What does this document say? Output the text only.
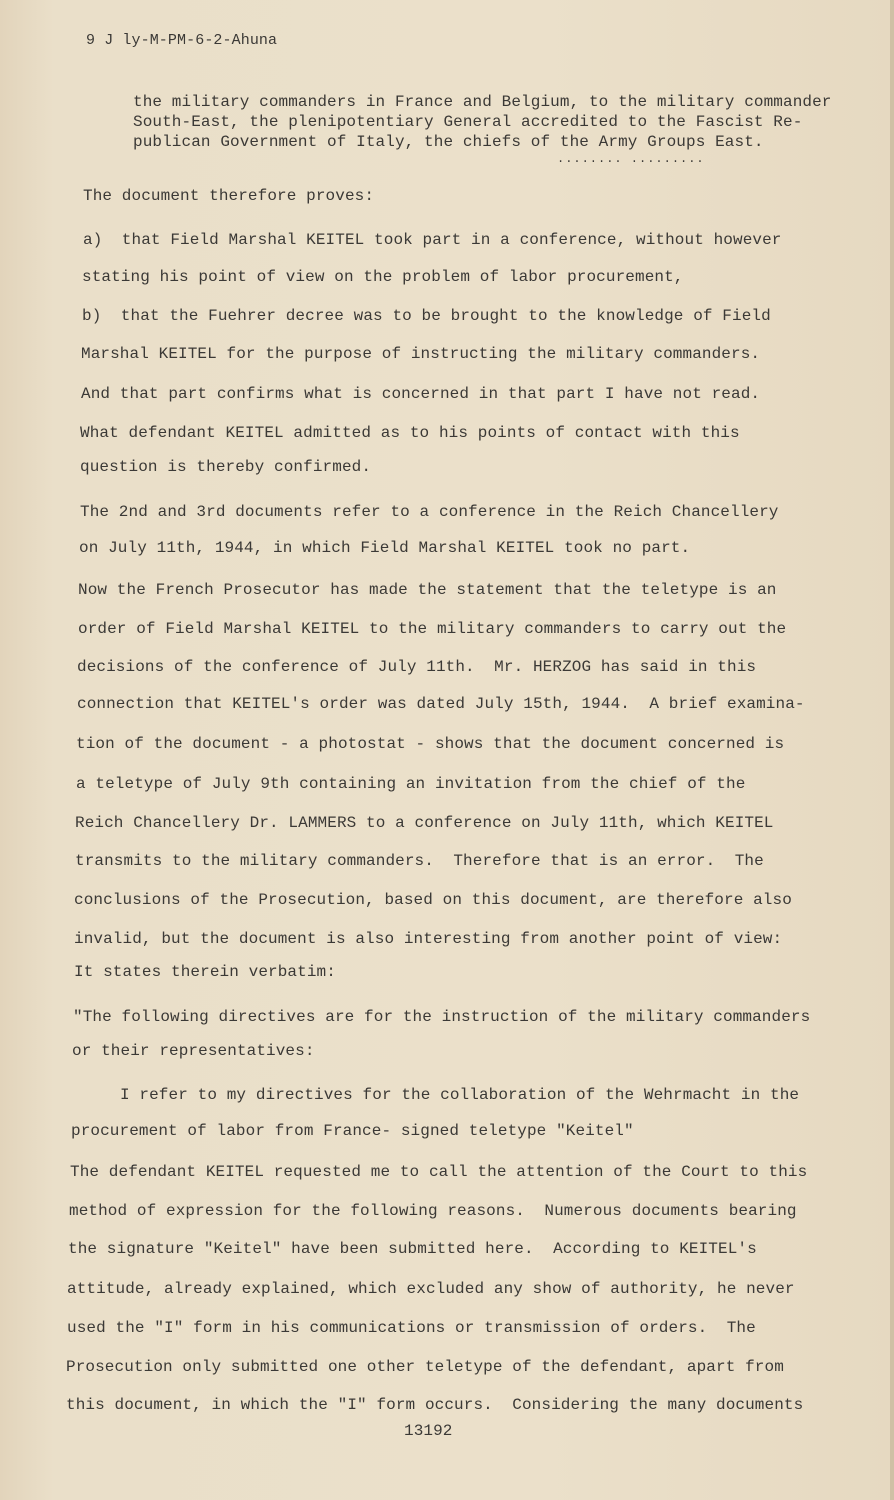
9 J ly-M-PM-6-2-Ahuna
the military commanders in France and Belgium, to the military commander
South-East, the plenipotentiary General accredited to the Fascist Re-
publican Government of Italy, the chiefs of the Army Groups East.
........ .........
The document therefore proves:
a)  that Field Marshal KEITEL took part in a conference, without however
stating his point of view on the problem of labor procurement,
b)  that the Fuehrer decree was to be brought to the knowledge of Field
Marshal KEITEL for the purpose of instructing the military commanders.
And that part confirms what is concerned in that part I have not read.
What defendant KEITEL admitted as to his points of contact with this
question is thereby confirmed.
The 2nd and 3rd documents refer to a conference in the Reich Chancellery
on July 11th, 1944, in which Field Marshal KEITEL took no part.
Now the French Prosecutor has made the statement that the teletype is an
order of Field Marshal KEITEL to the military commanders to carry out the
decisions of the conference of July 11th.  Mr. HERZOG has said in this
connection that KEITEL's order was dated July 15th, 1944.  A brief examina-
tion of the document - a photostat - shows that the document concerned is
a teletype of July 9th containing an invitation from the chief of the
Reich Chancellery Dr. LAMMERS to a conference on July 11th, which KEITEL
transmits to the military commanders.  Therefore that is an error.  The
conclusions of the Prosecution, based on this document, are therefore also
invalid, but the document is also interesting from another point of view:
It states therein verbatim:
"The following directives are for the instruction of the military commanders
or their representatives:
I refer to my directives for the collaboration of the Wehrmacht in the
procurement of labor from France- signed teletype "Keitel"
The defendant KEITEL requested me to call the attention of the Court to this
method of expression for the following reasons.  Numerous documents bearing
the signature "Keitel" have been submitted here.  According to KEITEL's
attitude, already explained, which excluded any show of authority, he never
used the "I" form in his communications or transmission of orders.  The
Prosecution only submitted one other teletype of the defendant, apart from
this document, in which the "I" form occurs.  Considering the many documents
13192
